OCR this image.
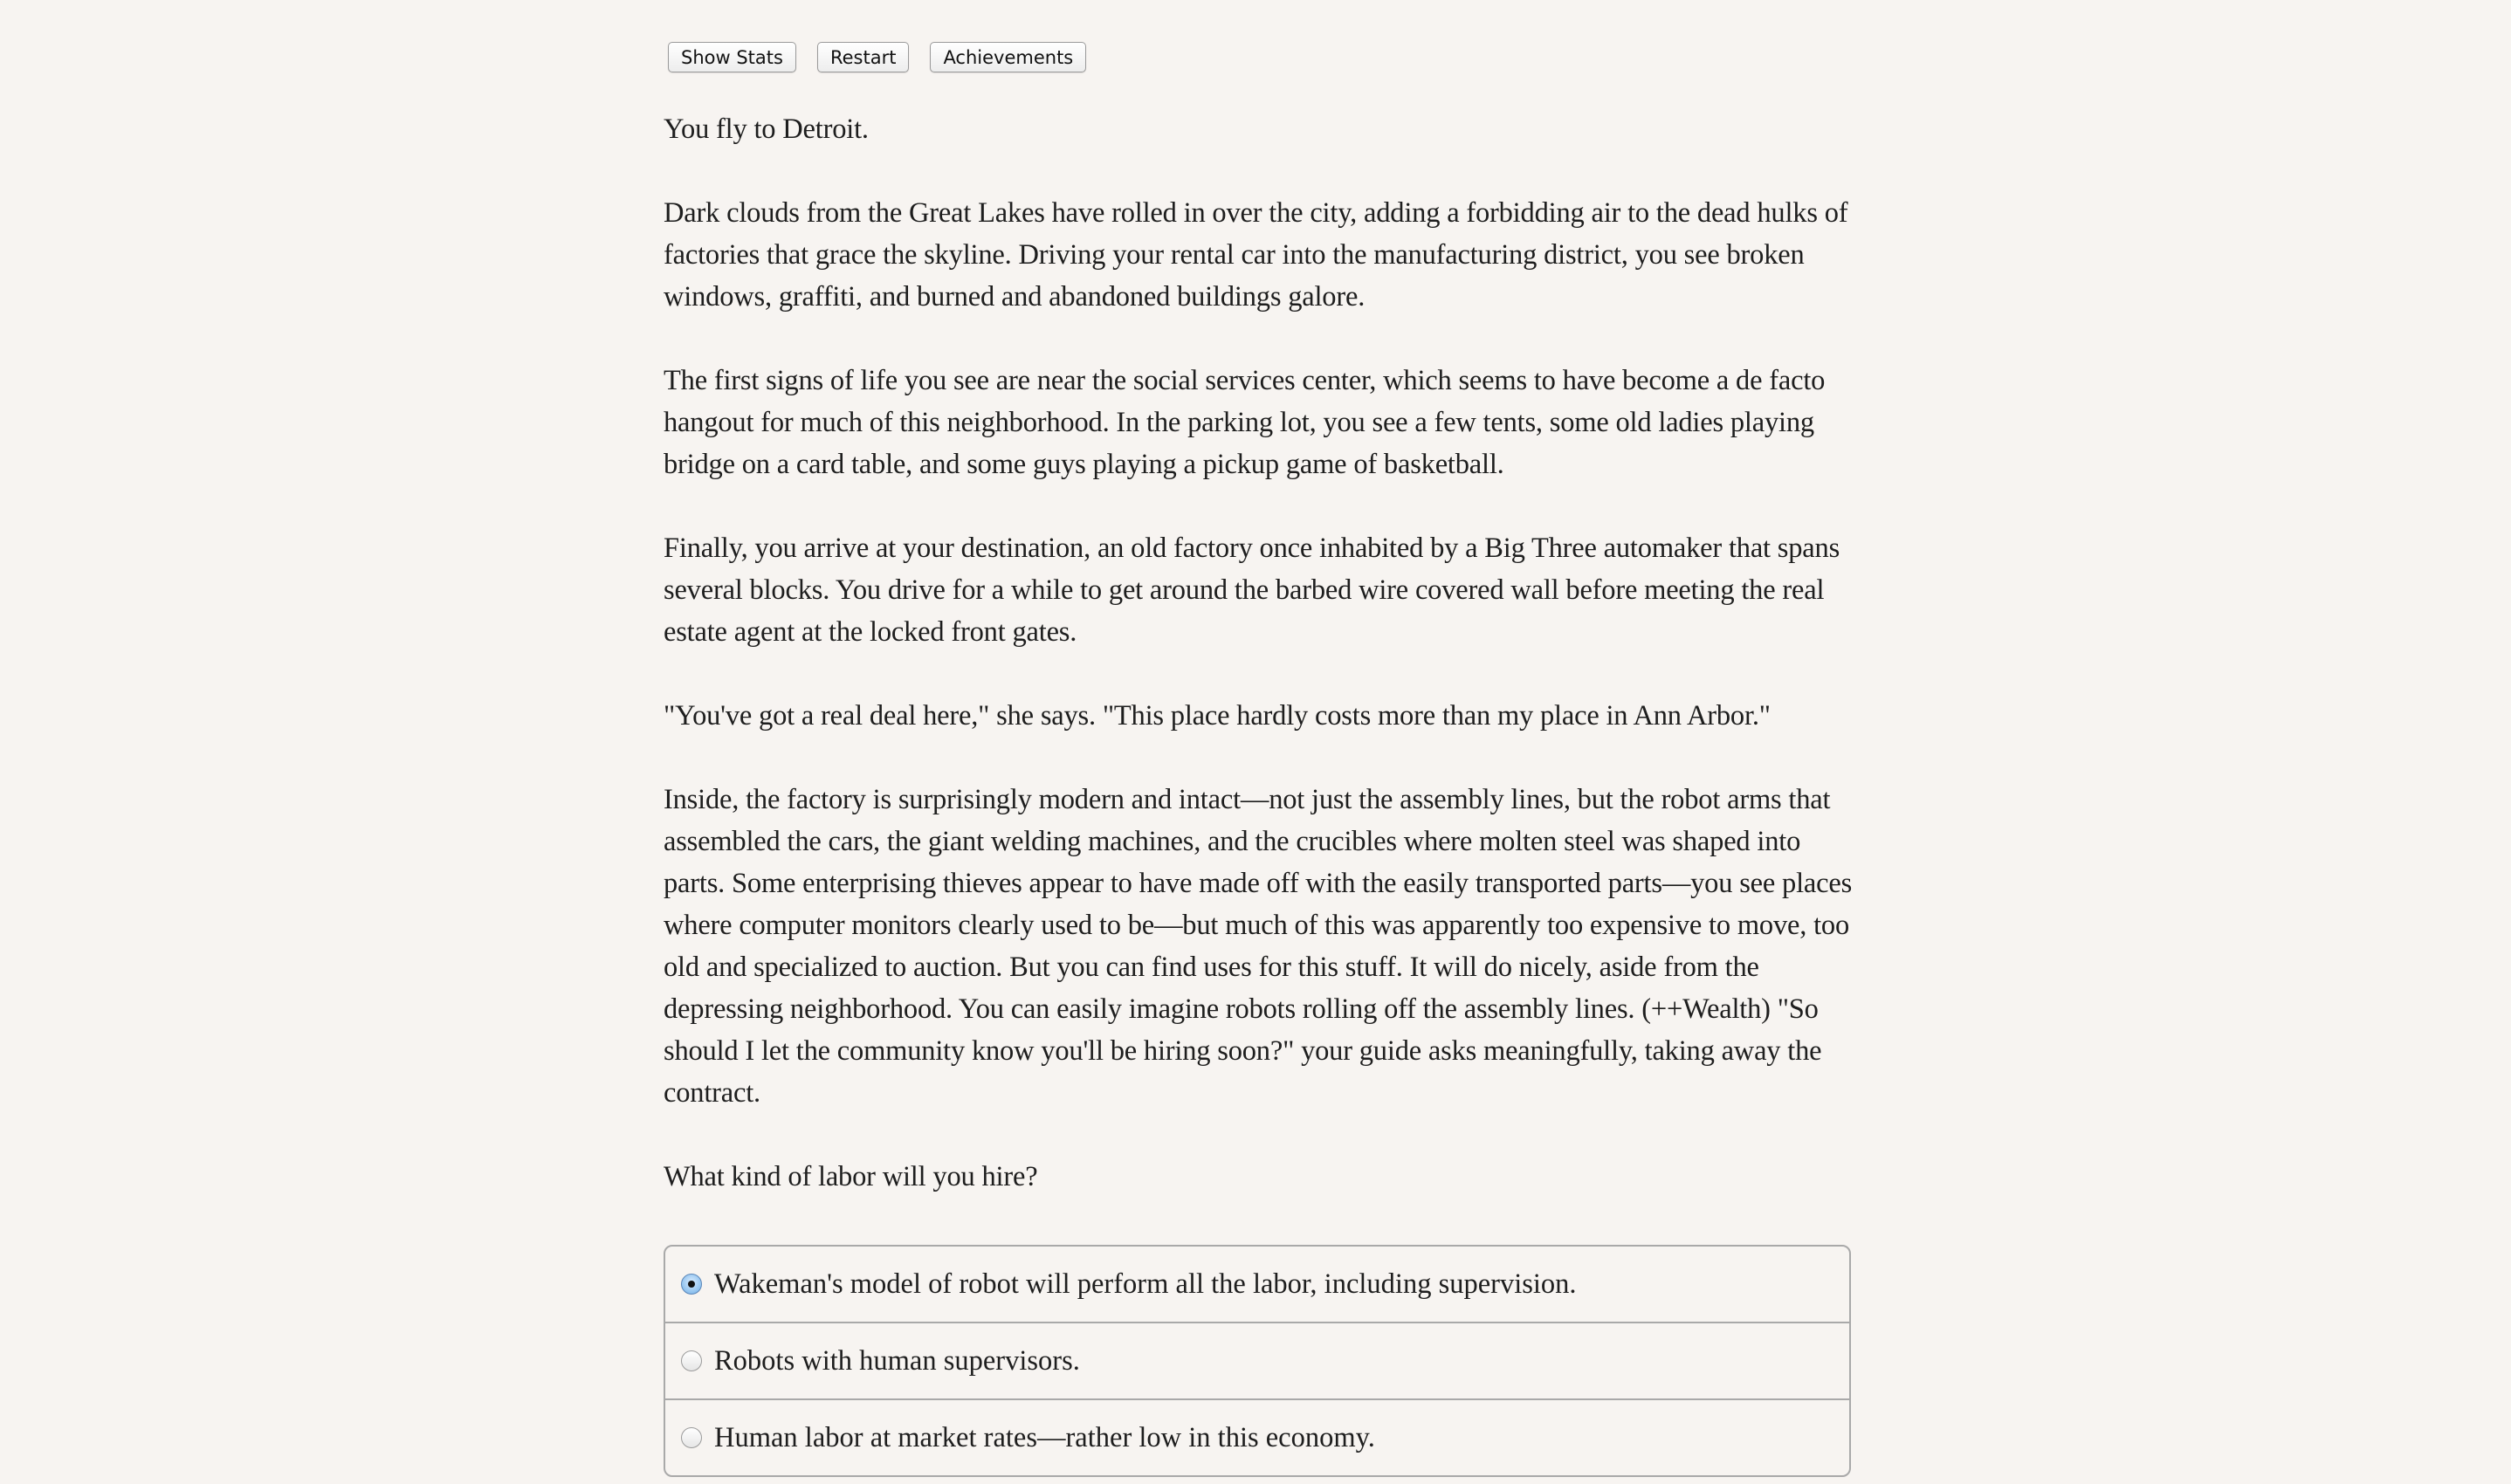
Show Stats	Restart	Achievements

You fly to Detroit.

Dark clouds from the Great Lakes have rolled in over the city, adding a forbidding air to the dead hulks of factories that grace the skyline. Driving your rental car into the manufacturing district, you see broken windows, graffiti, and burned and abandoned buildings galore.

The first signs of life you see are near the social services center, which seems to have become a de facto hangout for much of this neighborhood. In the parking lot, you see a few tents, some old ladies playing bridge on a card table, and some guys playing a pickup game of basketball.

Finally, you arrive at your destination, an old factory once inhabited by a Big Three automaker that spans several blocks. You drive for a while to get around the barbed wire covered wall before meeting the real estate agent at the locked front gates.

"You've got a real deal here," she says. "This place hardly costs more than my place in Ann Arbor."

Inside, the factory is surprisingly modern and intact—not just the assembly lines, but the robot arms that assembled the cars, the giant welding machines, and the crucibles where molten steel was shaped into parts. Some enterprising thieves appear to have made off with the easily transported parts—you see places where computer monitors clearly used to be—but much of this was apparently too expensive to move, too old and specialized to auction. But you can find uses for this stuff. It will do nicely, aside from the depressing neighborhood. You can easily imagine robots rolling off the assembly lines. (++Wealth) "So should I let the community know you'll be hiring soon?" your guide asks meaningfully, taking away the contract.

What kind of labor will you hire?

Wakeman's model of robot will perform all the labor, including supervision.
Robots with human supervisors.
Human labor at market rates—rather low in this economy.
